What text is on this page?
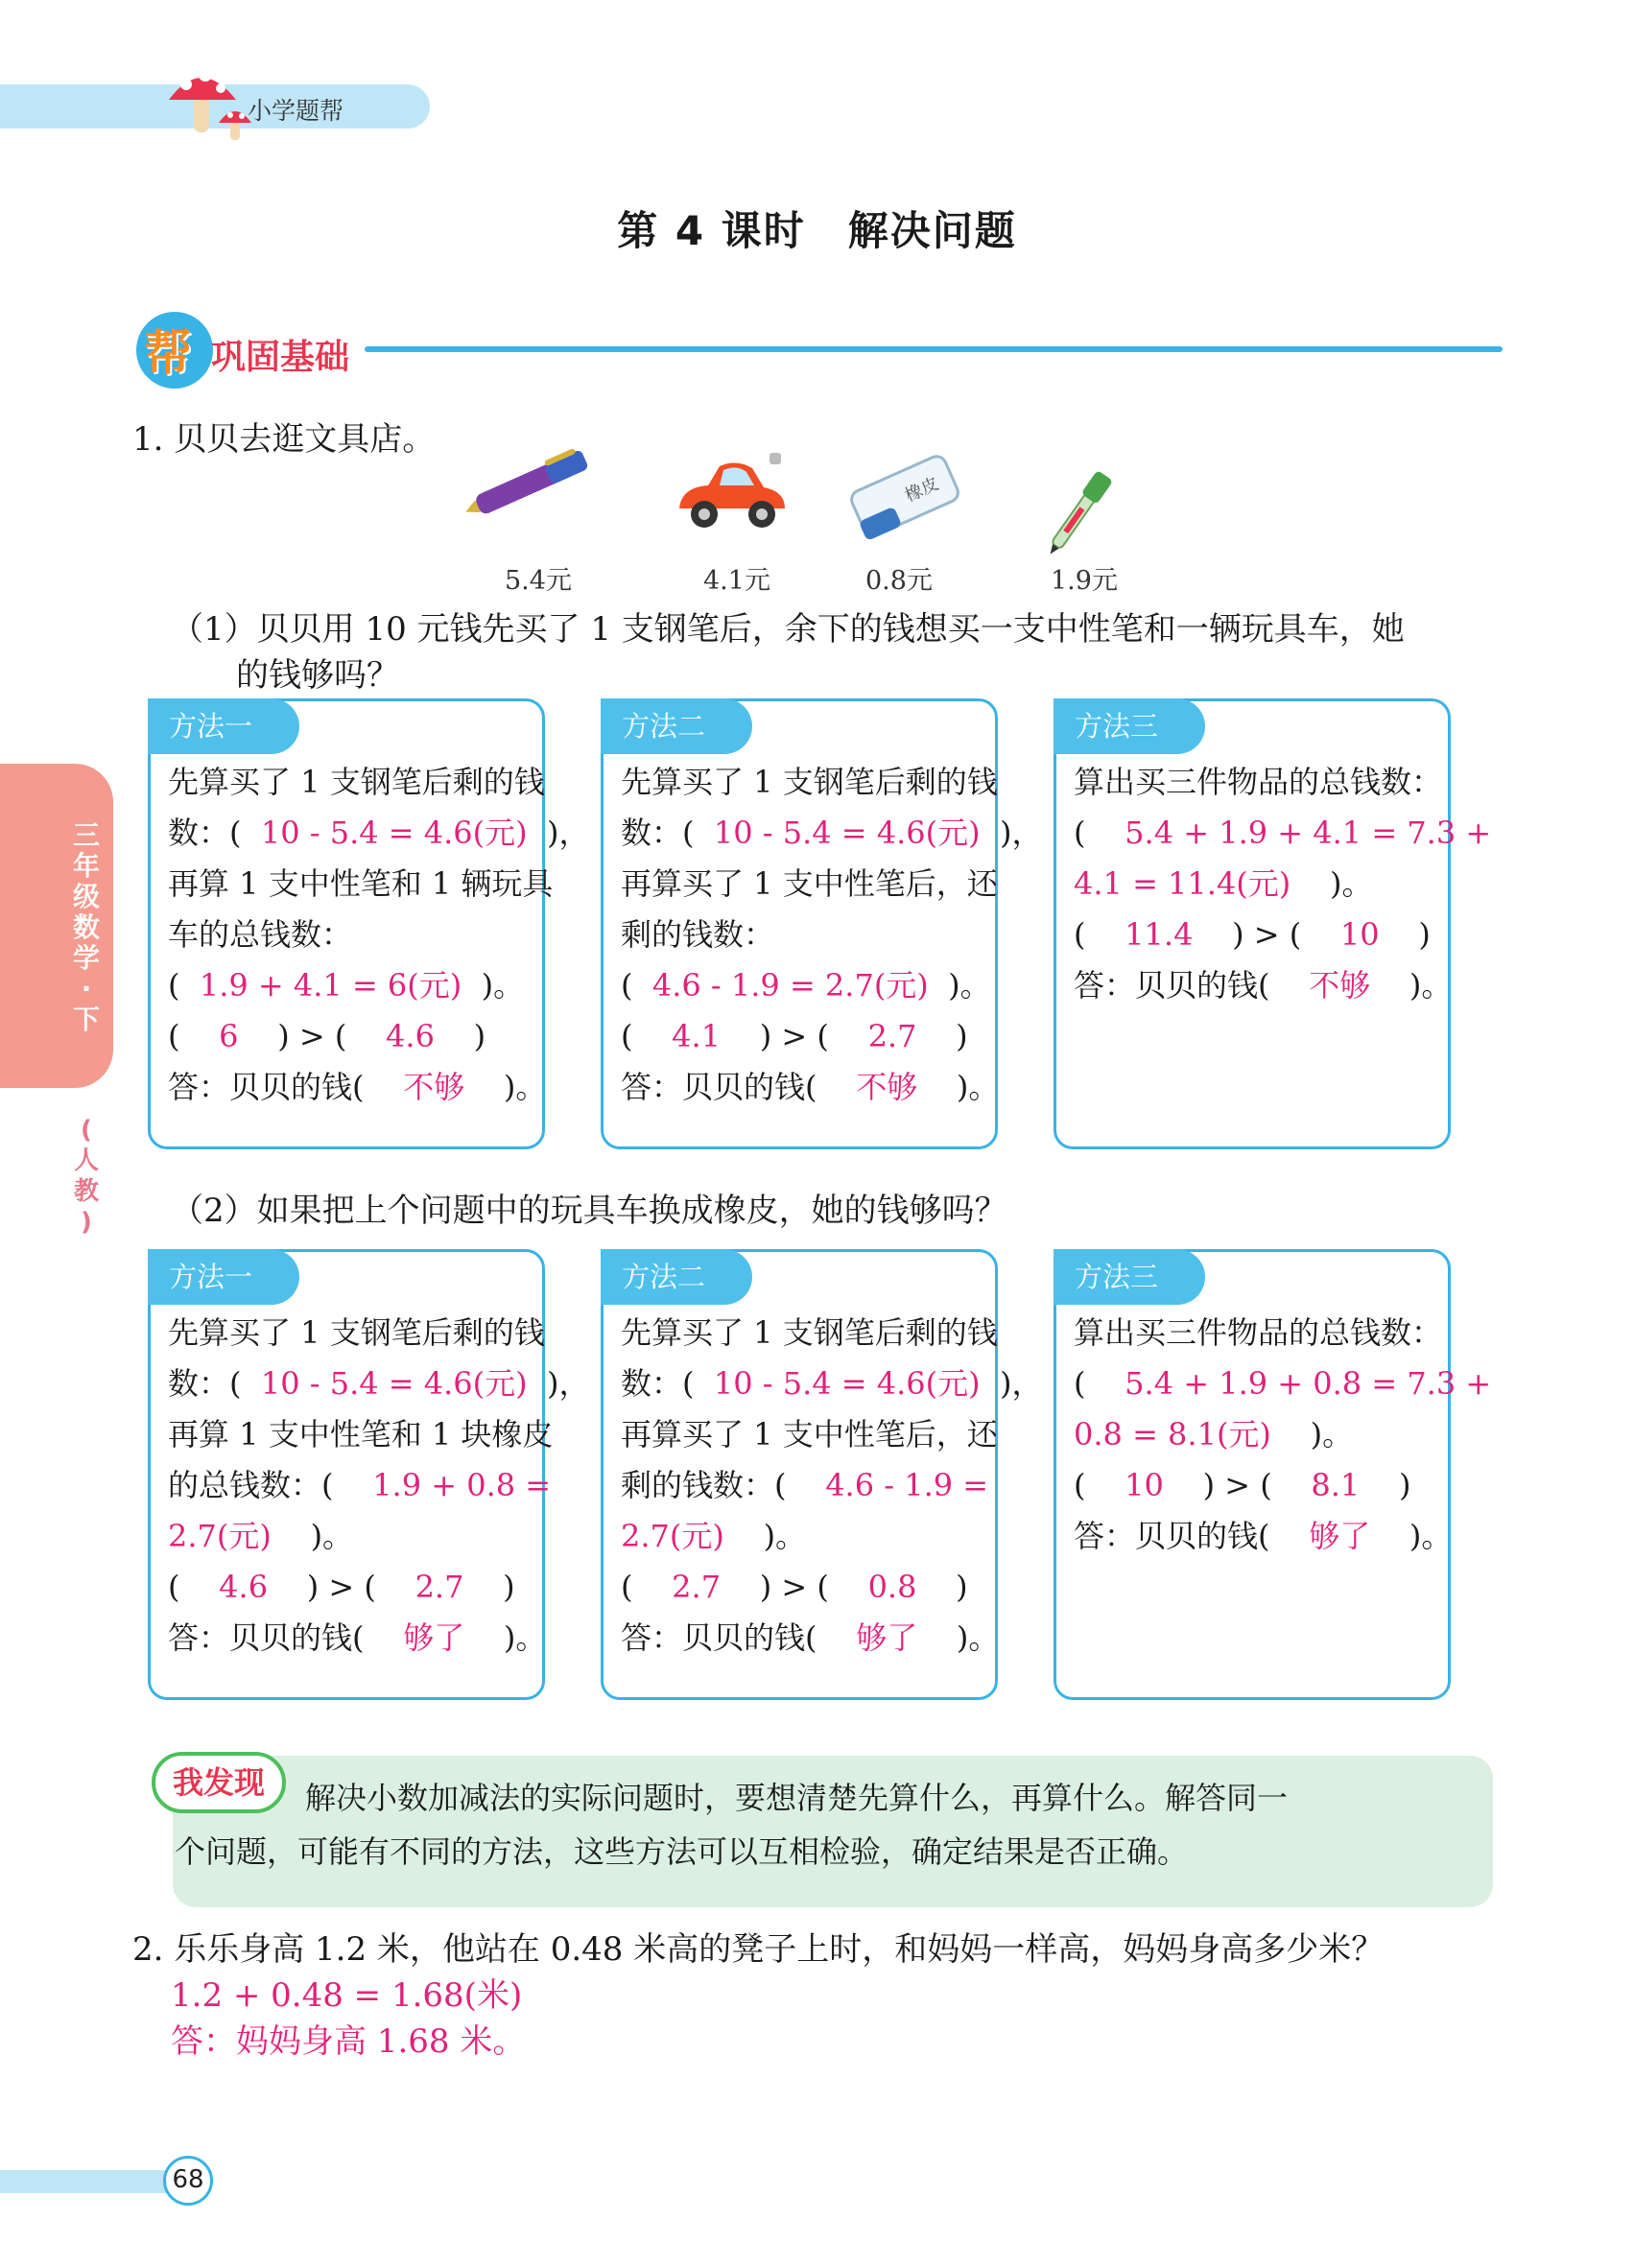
小学题帮
第 4 课时　解决问题
帮 巩固基础
三
年
级
数
学
·
下
(
人
教
)
1. 贝贝去逛文具店。
橡皮
5.4元	4.1元	0.8元	1.9元
（1）贝贝用 10 元钱先买了 1 支钢笔后，余下的钱想买一支中性笔和一辆玩具车，她
的钱够吗？
方法一
先算买了 1 支钢笔后剩的钱
数：(  10 - 5.4 = 4.6(元)  )，
再算 1 支中性笔和 1 辆玩具
车的总钱数：
(  1.9 + 4.1 = 6(元)  )。
(    6    ) > (    4.6    )
答：贝贝的钱(    不够    )。
方法二
先算买了 1 支钢笔后剩的钱
数：(  10 - 5.4 = 4.6(元)  )，
再算买了 1 支中性笔后，还
剩的钱数：
(  4.6 - 1.9 = 2.7(元)  )。
(    4.1    ) > (    2.7    )
答：贝贝的钱(    不够    )。
方法三
算出买三件物品的总钱数：
(    5.4 + 1.9 + 4.1 = 7.3 +
4.1 = 11.4(元)    )。
(    11.4    ) > (    10    )
答：贝贝的钱(    不够    )。
（2）如果把上个问题中的玩具车换成橡皮，她的钱够吗？
方法一
先算买了 1 支钢笔后剩的钱
数：(  10 - 5.4 = 4.6(元)  )，
再算 1 支中性笔和 1 块橡皮
的总钱数：(    1.9 + 0.8 =
2.7(元)    )。
(    4.6    ) > (    2.7    )
答：贝贝的钱(    够了    )。
方法二
先算买了 1 支钢笔后剩的钱
数：(  10 - 5.4 = 4.6(元)  )，
再算买了 1 支中性笔后，还
剩的钱数：(    4.6 - 1.9 =
2.7(元)    )。
(    2.7    ) > (    0.8    )
答：贝贝的钱(    够了    )。
方法三
算出买三件物品的总钱数：
(    5.4 + 1.9 + 0.8 = 7.3 +
0.8 = 8.1(元)    )。
(    10    ) > (    8.1    )
答：贝贝的钱(    够了    )。
我发现	解决小数加减法的实际问题时，要想清楚先算什么，再算什么。解答同一
个问题，可能有不同的方法，这些方法可以互相检验，确定结果是否正确。
2. 乐乐身高 1.2 米，他站在 0.48 米高的凳子上时，和妈妈一样高，妈妈身高多少米？
1.2 + 0.48 = 1.68(米)
答：妈妈身高 1.68 米。
68
